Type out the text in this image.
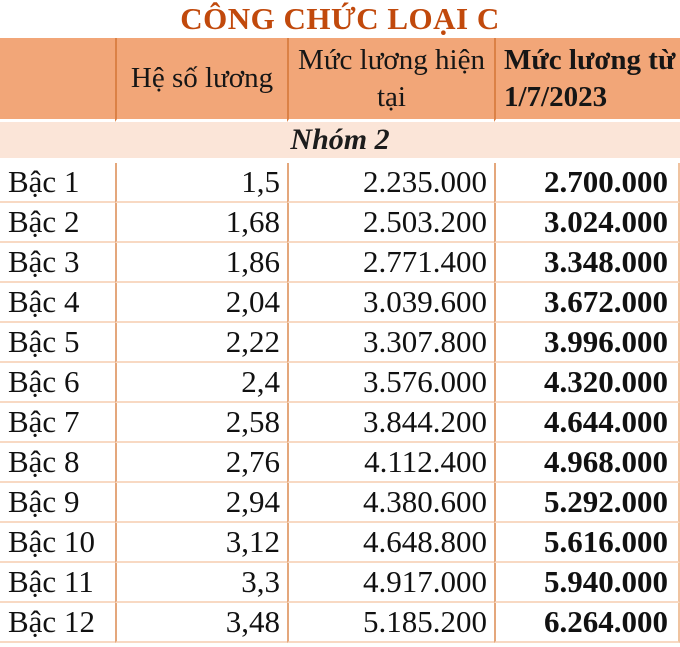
CÔNG CHỨC LOẠI C
	Hệ số lương	Mức lương hiện tại	Mức lương từ 1/7/2023
Nhóm 2			
Bậc 1	1,5	2.235.000	2.700.000
Bậc 2	1,68	2.503.200	3.024.000
Bậc 3	1,86	2.771.400	3.348.000
Bậc 4	2,04	3.039.600	3.672.000
Bậc 5	2,22	3.307.800	3.996.000
Bậc 6	2,4	3.576.000	4.320.000
Bậc 7	2,58	3.844.200	4.644.000
Bậc 8	2,76	4.112.400	4.968.000
Bậc 9	2,94	4.380.600	5.292.000
Bậc 10	3,12	4.648.800	5.616.000
Bậc 11	3,3	4.917.000	5.940.000
Bậc 12	3,48	5.185.200	6.264.000
